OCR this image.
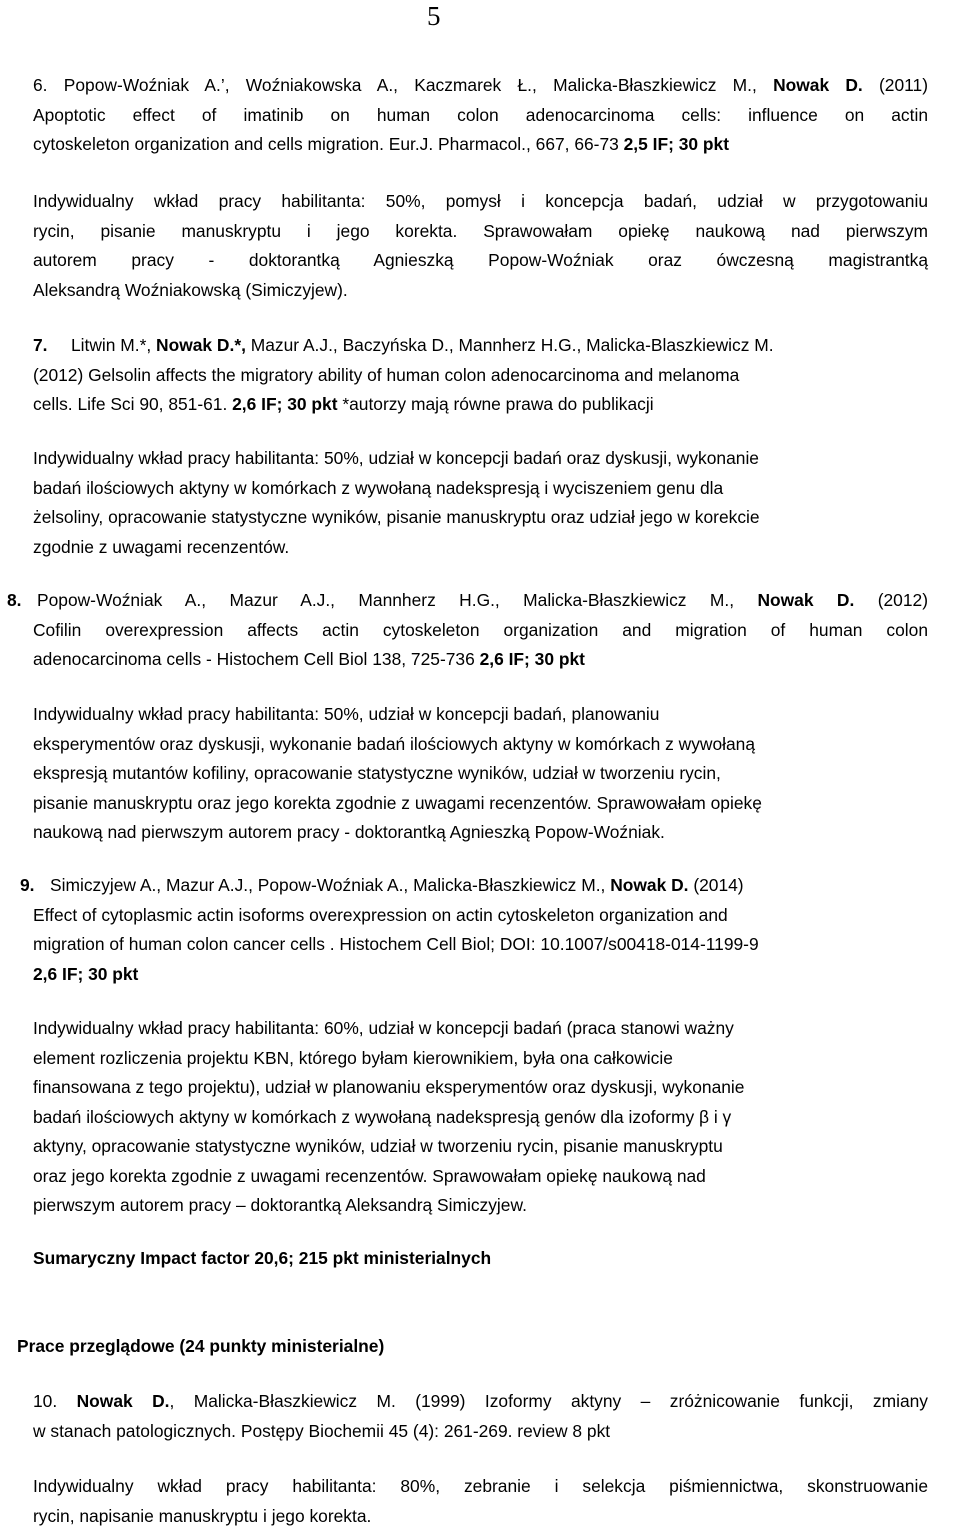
5
6. Popow-Woźniak A.’, Woźniakowska A., Kaczmarek Ł., Malicka-Błaszkiewicz M., Nowak D. (2011)
Apoptotic effect of imatinib on human colon adenocarcinoma cells: influence on actin
cytoskeleton organization and cells migration. Eur.J. Pharmacol., 667, 66-73 2,5 IF; 30 pkt
Indywidualny wkład pracy habilitanta: 50%, pomysł i koncepcja badań, udział w przygotowaniu
rycin, pisanie manuskryptu i jego korekta. Sprawowałam opiekę naukową nad pierwszym
autorem pracy - doktorantką Agnieszką Popow-Woźniak oraz ówczesną magistrantką
Aleksandrą Woźniakowską (Simiczyjew).
7. Litwin M.*, Nowak D.*, Mazur A.J., Baczyńska D., Mannherz H.G., Malicka-Blaszkiewicz M.
(2012) Gelsolin affects the migratory ability of human colon adenocarcinoma and melanoma
cells. Life Sci 90, 851-61. 2,6 IF; 30 pkt *autorzy mają równe prawa do publikacji
Indywidualny wkład pracy habilitanta: 50%, udział w koncepcji badań oraz dyskusji, wykonanie
badań ilościowych aktyny w komórkach z wywołaną nadekspresją i wyciszeniem genu dla
żelsoliny, opracowanie statystyczne wyników, pisanie manuskryptu oraz udział jego w korekcie
zgodnie z uwagami recenzentów.
8. Popow-Woźniak A., Mazur A.J., Mannherz H.G., Malicka-Błaszkiewicz M., Nowak D. (2012)
Cofilin overexpression affects actin cytoskeleton organization and migration of human colon
adenocarcinoma cells - Histochem Cell Biol 138, 725-736 2,6 IF; 30 pkt
Indywidualny wkład pracy habilitanta: 50%, udział w koncepcji badań, planowaniu
eksperymentów oraz dyskusji, wykonanie badań ilościowych aktyny w komórkach z wywołaną
ekspresją mutantów kofiliny, opracowanie statystyczne wyników, udział w tworzeniu rycin,
pisanie manuskryptu oraz jego korekta zgodnie z uwagami recenzentów. Sprawowałam opiekę
naukową nad pierwszym autorem pracy - doktorantką Agnieszką Popow-Woźniak.
9. Simiczyjew A., Mazur A.J., Popow-Woźniak A., Malicka-Błaszkiewicz M., Nowak D. (2014)
Effect of cytoplasmic actin isoforms overexpression on actin cytoskeleton organization and
migration of human colon cancer cells . Histochem Cell Biol; DOI: 10.1007/s00418-014-1199-9
2,6 IF; 30 pkt
Indywidualny wkład pracy habilitanta: 60%, udział w koncepcji badań (praca stanowi ważny
element rozliczenia projektu KBN, którego byłam kierownikiem, była ona całkowicie
finansowana z tego projektu), udział w planowaniu eksperymentów oraz dyskusji, wykonanie
badań ilościowych aktyny w komórkach z wywołaną nadekspresją genów dla izoformy β i γ
aktyny, opracowanie statystyczne wyników, udział w tworzeniu rycin, pisanie manuskryptu
oraz jego korekta zgodnie z uwagami recenzentów. Sprawowałam opiekę naukową nad
pierwszym autorem pracy – doktorantką Aleksandrą Simiczyjew.
Sumaryczny Impact factor 20,6; 215 pkt ministerialnych
Prace przeglądowe (24 punkty ministerialne)
10. Nowak D., Malicka-Błaszkiewicz M. (1999) Izoformy aktyny – zróżnicowanie funkcji, zmiany
w stanach patologicznych. Postępy Biochemii 45 (4): 261-269. review 8 pkt
Indywidualny wkład pracy habilitanta: 80%, zebranie i selekcja piśmiennictwa, skonstruowanie
rycin, napisanie manuskryptu i jego korekta.
